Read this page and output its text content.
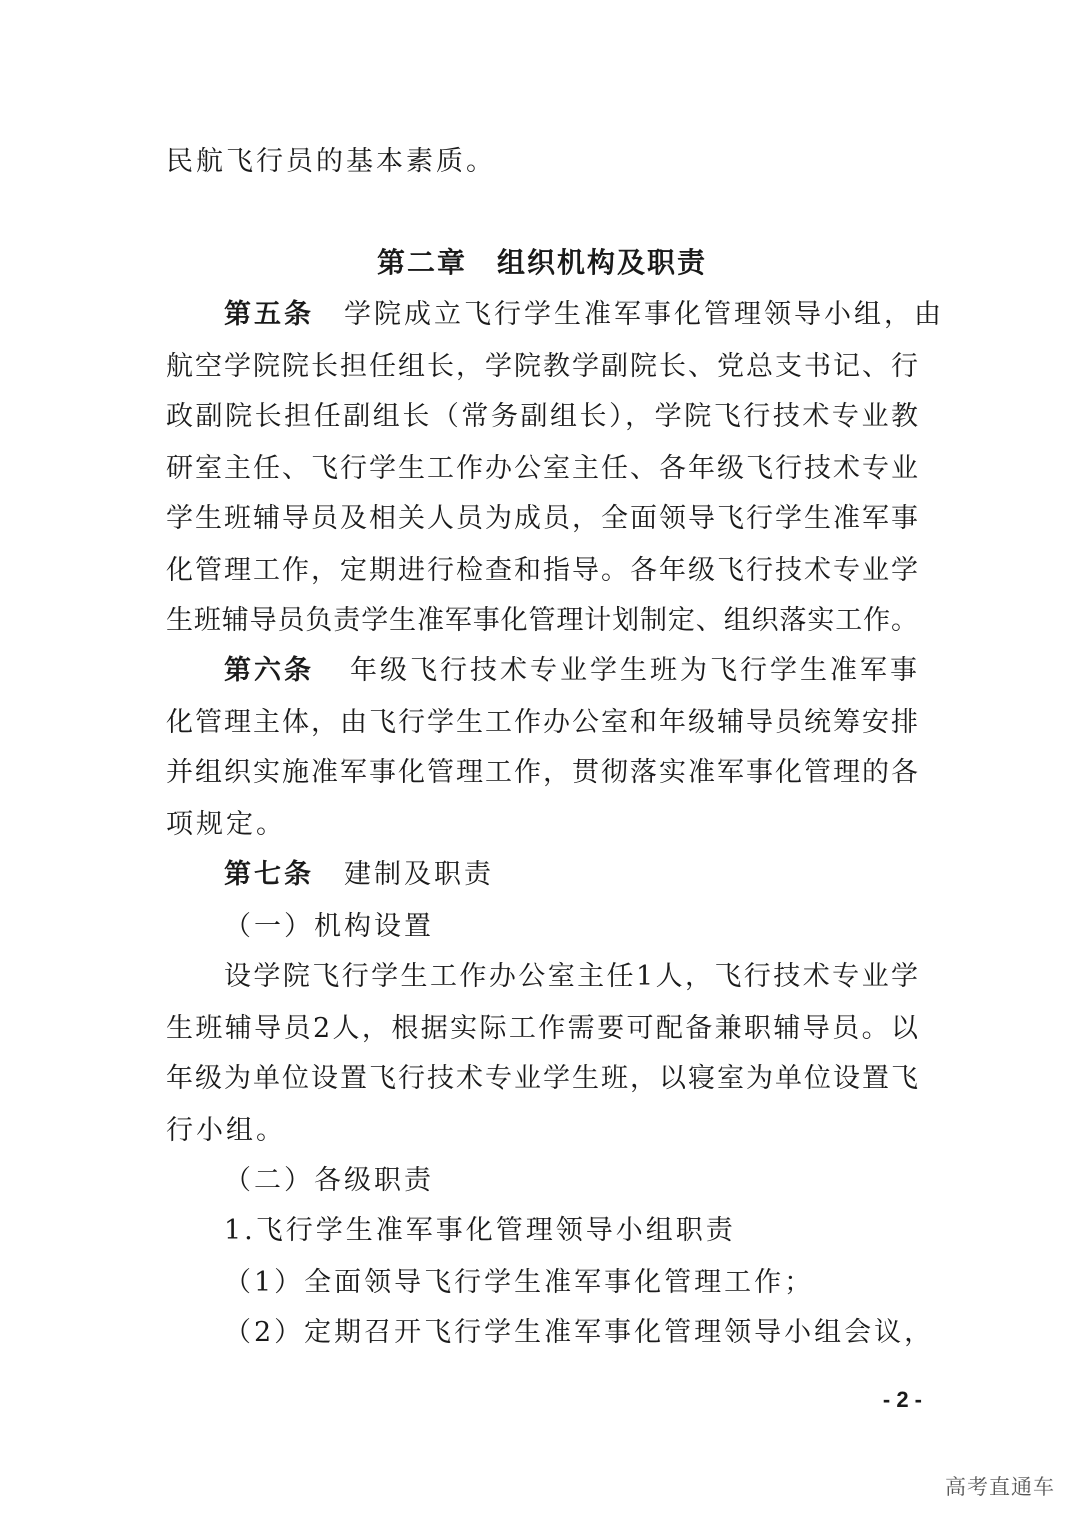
民航飞行员的基本素质。
第二章　组织机构及职责
第五条 学院成立飞行学生准军事化管理领导小组，由
航空学院院长担任组长，学院教学副院长、党总支书记、行
政副院长担任副组长（常务副组长），学院飞行技术专业教
研室主任、飞行学生工作办公室主任、各年级飞行技术专业
学生班辅导员及相关人员为成员，全面领导飞行学生准军事
化管理工作，定期进行检查和指导。各年级飞行技术专业学
生班辅导员负责学生准军事化管理计划制定、组织落实工作。
第六条 年级飞行技术专业学生班为飞行学生准军事
化管理主体，由飞行学生工作办公室和年级辅导员统筹安排
并组织实施准军事化管理工作，贯彻落实准军事化管理的各
项规定。
第七条 建制及职责
（一）机构设置
设学院飞行学生工作办公室主任1人，飞行技术专业学
生班辅导员2人，根据实际工作需要可配备兼职辅导员。以
年级为单位设置飞行技术专业学生班，以寝室为单位设置飞
行小组。
（二）各级职责
1.飞行学生准军事化管理领导小组职责
（1）全面领导飞行学生准军事化管理工作；
（2）定期召开飞行学生准军事化管理领导小组会议，
- 2 -
高考直通车
